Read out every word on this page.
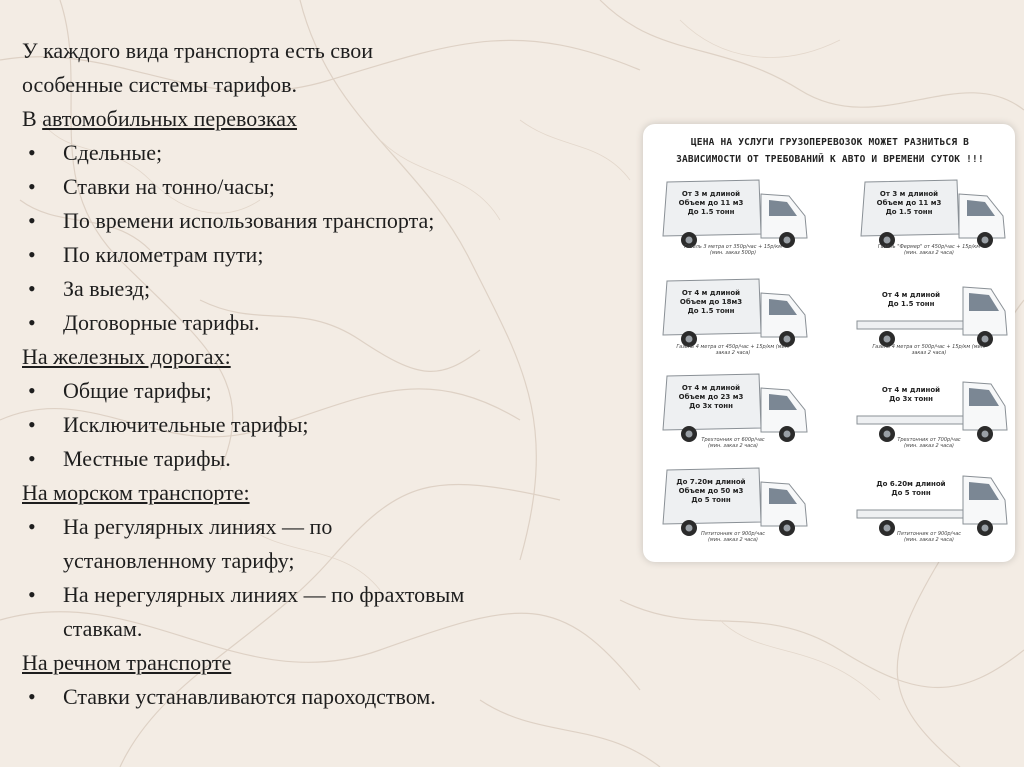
У каждого вида транспорта есть свои
особенные системы тарифов.
В автомобильных перевозках
• Сдельные;
• Ставки на тонно/часы;
• По времени использования транспорта;
• По километрам пути;
• За выезд;
• Договорные тарифы.
На железных дорогах:
• Общие тарифы;
• Исключительные тарифы;
• Местные тарифы.
На морском транспорте:
• На регулярных линиях — по
установленному тарифу;
• На нерегулярных линиях — по фрахтовым
ставкам.
На речном транспорте
• Ставки устанавливаются пароходством.
ЦЕНА НА УСЛУГИ ГРУЗОПЕРЕВОЗОК МОЖЕТ РАЗНИТЬСЯ В
ЗАВИСИМОСТИ ОТ ТРЕБОВАНИЙ К АВТО И ВРЕМЕНИ СУТОК !!!
От 3 м длиной
Объем до 11 м3
До 1.5 тонн
Газель 3 метра от 350р/час + 15р/км
(мин. заказ 500р)
От 3 м длиной
Объем до 11 м3
До 1.5 тонн
Газель "Фермер" от 450р/час + 15р/км
(мин. заказ 2 часа)
От 4 м длиной
Объем до 18м3
До 1.5 тонн
Газель 4 метра от 450р/час + 15р/км (мин.
заказ 2 часа)
От 4 м длиной
До 1.5 тонн
Газель 4 метра от 500р/час + 15р/км (мин.
заказ 2 часа)
От 4 м длиной
Объем до 23 м3
До 3х тонн
Трехтонник от 600р/час
(мин. заказ 2 часа)
От 4 м длиной
До 3х тонн
Трехтонник от 700р/час
(мин. заказ 2 часа)
До 7.20м длиной
Объем до 50 м3
До 5 тонн
Пятитонник от 900р/час
(мин. заказ 2 часа)
До 6.20м длиной
До 5 тонн
Пятитонник от 900р/час
(мин. заказ 2 часа)
